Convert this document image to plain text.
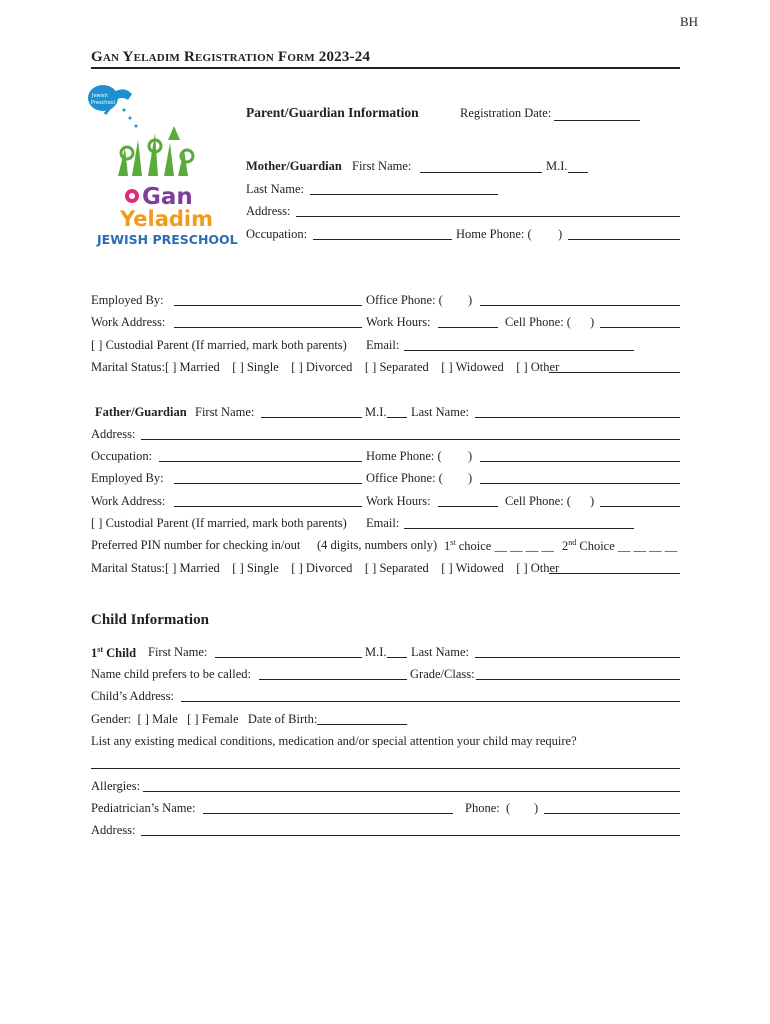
BH
Gan Yeladim Registration Form 2023-24
Jewish
Preschool
Gan
Yeladim
JEWISH PRESCHOOL
Parent/Guardian Information	Registration Date:
Mother/Guardian First Name:	M.I.
Last Name:
Address:
Occupation:	Home Phone: ( )
Employed By:	Office Phone: ( )
Work Address:	Work Hours:	Cell Phone: ( )
[ ] Custodial Parent (If married, mark both parents) Email:
Marital Status:[ ] Married    [ ] Single    [ ] Divorced    [ ] Separated    [ ] Widowed    [ ] Other
Father/Guardian First Name:	M.I. Last Name:
Address:
Occupation:	Home Phone: ( )
Employed By:	Office Phone: ( )
Work Address:	Work Hours:	Cell Phone: ( )
[ ] Custodial Parent (If married, mark both parents) Email:
Preferred PIN number for checking in/out (4 digits, numbers only) 1st choice __ __ __ __ 2nd Choice __ __ __ __
Marital Status:[ ] Married    [ ] Single    [ ] Divorced    [ ] Separated    [ ] Widowed    [ ] Other
Child Information
1st Child First Name:	M.I. Last Name:
Name child prefers to be called:	Grade/Class:
Child’s Address:
Gender:  [ ] Male   [ ] Female   Date of Birth:
List any existing medical conditions, medication and/or special attention your child may require?
Allergies:
Pediatrician’s Name:	Phone:  ( )
Address:
